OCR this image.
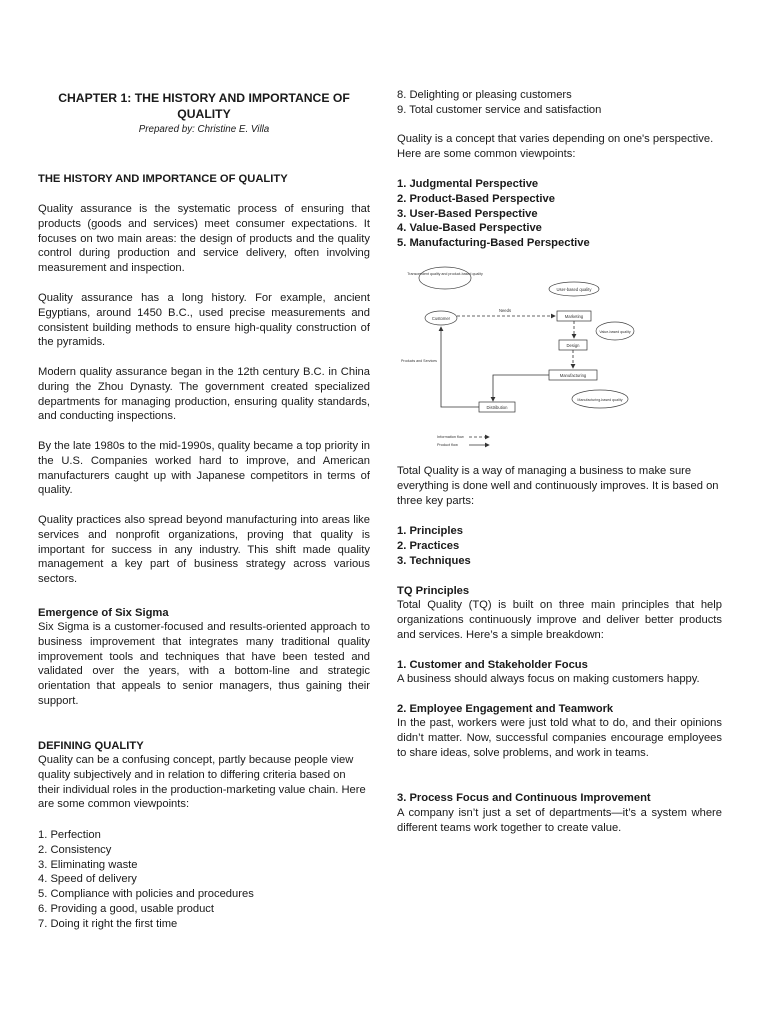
CHAPTER 1: THE HISTORY AND IMPORTANCE OF
QUALITY
Prepared by: Christine E. Villa
THE HISTORY AND IMPORTANCE OF QUALITY

Quality assurance is the systematic process of ensuring that products (goods and services) meet consumer expectations. It focuses on two main areas: the design of products and the quality control during production and service delivery, often involving measurement and inspection.

Quality assurance has a long history. For example, ancient Egyptians, around 1450 B.C., used precise measurements and consistent building methods to ensure high-quality construction of the pyramids.

Modern quality assurance began in the 12th century B.C. in China during the Zhou Dynasty. The government created specialized departments for managing production, ensuring quality standards, and conducting inspections.

By the late 1980s to the mid-1990s, quality became a top priority in the U.S. Companies worked hard to improve, and American manufacturers caught up with Japanese competitors in terms of quality.

Quality practices also spread beyond manufacturing into areas like services and nonprofit organizations, proving that quality is important for success in any industry. This shift made quality management a key part of business strategy across various sectors.

Emergence of Six Sigma

Six Sigma is a customer-focused and results-oriented approach to business improvement that integrates many traditional quality improvement tools and techniques that have been tested and validated over the years, with a bottom-line and strategic orientation that appeals to senior managers, thus gaining their support.

DEFINING QUALITY

Quality can be a confusing concept, partly because people view quality subjectively and in relation to differing criteria based on their individual roles in the production-marketing value chain. Here are some common viewpoints:

1. Perfection
2. Consistency
3. Eliminating waste
4. Speed of delivery
5. Compliance with policies and procedures
6. Providing a good, usable product
7. Doing it right the first time
8. Delighting or pleasing customers
9. Total customer service and satisfaction

Quality is a concept that varies depending on one's perspective. Here are some common viewpoints:

1. Judgmental Perspective
2. Product-Based Perspective
3. User-Based Perspective
4. Value-Based Perspective
5. Manufacturing-Based Perspective
Transcendent quality and product-based quality
User-based quality
Customer
Needs
Marketing
Value-based quality
Design
Manufacturing
Manufacturing-based quality
Distribution
Products and Services
Information flow
Product flow

Total Quality is a way of managing a business to make sure everything is done well and continuously improves. It is based on three key parts:

1. Principles
2. Practices
3. Techniques
TQ Principles

Total Quality (TQ) is built on three main principles that help organizations continuously improve and deliver better products and services. Here’s a simple breakdown:

1. Customer and Stakeholder Focus

A business should always focus on making customers happy.

2. Employee Engagement and Teamwork

In the past, workers were just told what to do, and their opinions didn’t matter. Now, successful companies encourage employees to share ideas, solve problems, and work in teams.

3. Process Focus and Continuous Improvement

A company isn’t just a set of departments—it’s a system where different teams work together to create value.
